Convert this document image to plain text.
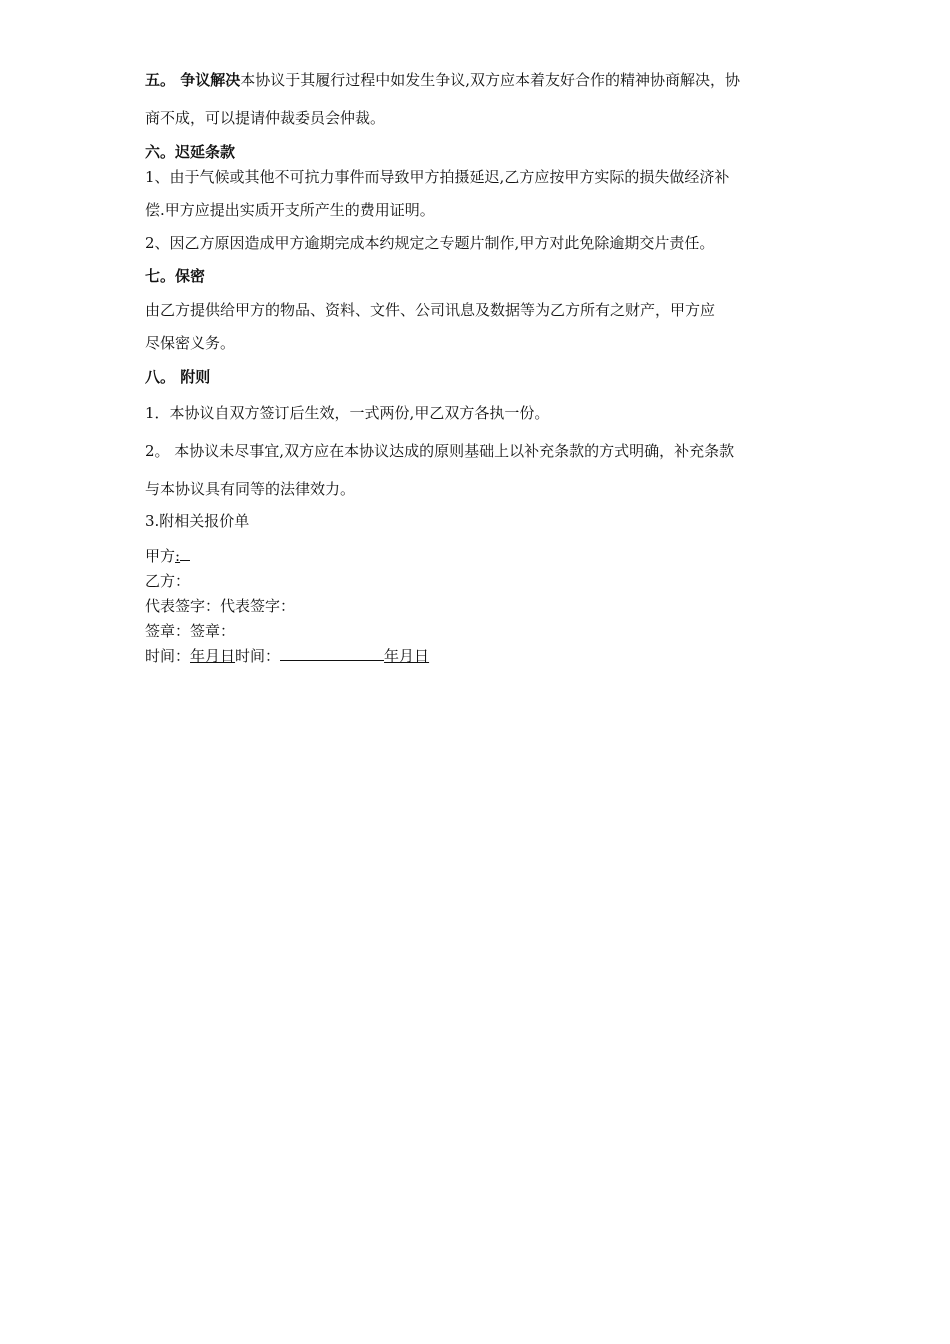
五。 争议解决本协议于其履行过程中如发生争议,双方应本着友好合作的精神协商解决，协
商不成，可以提请仲裁委员会仲裁。
六。迟延条款
1、由于气候或其他不可抗力事件而导致甲方拍摄延迟,乙方应按甲方实际的损失做经济补
偿.甲方应提出实质开支所产生的费用证明。
2、因乙方原因造成甲方逾期完成本约规定之专题片制作,甲方对此免除逾期交片责任。
七。保密
由乙方提供给甲方的物品、资料、文件、公司讯息及数据等为乙方所有之财产，甲方应
尽保密义务。
八。 附则
1．本协议自双方签订后生效，一式两份,甲乙双方各执一份。
2。 本协议未尽事宜,双方应在本协议达成的原则基础上以补充条款的方式明确，补充条款
与本协议具有同等的法律效力。
3.附相关报价单
甲方:
乙方：
代表签字：代表签字：
签章：签章：
时间：年月日时间：	年月日
